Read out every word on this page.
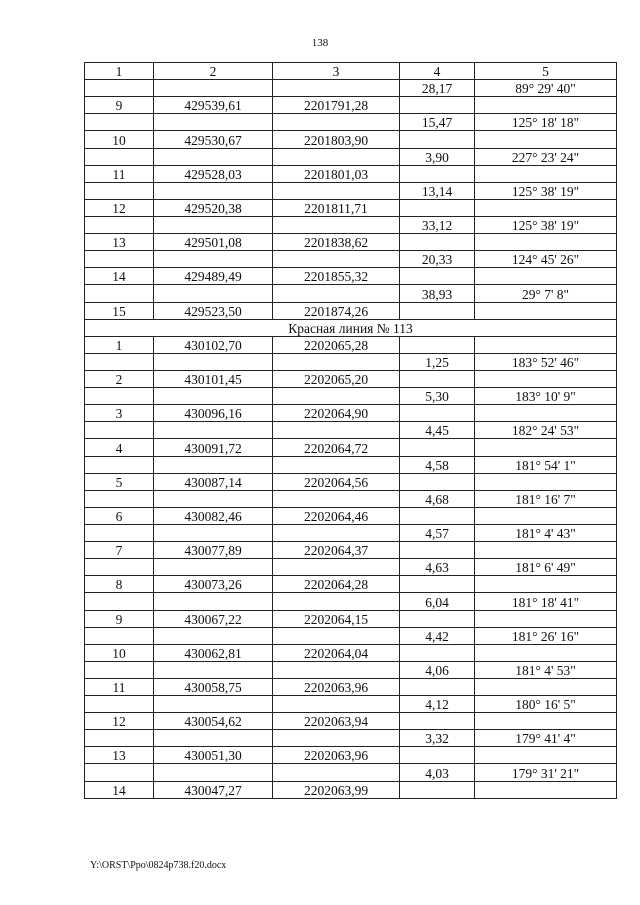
138
1	2	3	4	5
			28,17	89° 29' 40"
9	429539,61	2201791,28		
			15,47	125° 18' 18"
10	429530,67	2201803,90		
			3,90	227° 23' 24"
11	429528,03	2201801,03		
			13,14	125° 38' 19"
12	429520,38	2201811,71		
			33,12	125° 38' 19"
13	429501,08	2201838,62		
			20,33	124° 45' 26"
14	429489,49	2201855,32		
			38,93	29° 7' 8"
15	429523,50	2201874,26		
Красная линия № 113				
1	430102,70	2202065,28		
			1,25	183° 52' 46"
2	430101,45	2202065,20		
			5,30	183° 10' 9"
3	430096,16	2202064,90		
			4,45	182° 24' 53"
4	430091,72	2202064,72		
			4,58	181° 54' 1"
5	430087,14	2202064,56		
			4,68	181° 16' 7"
6	430082,46	2202064,46		
			4,57	181° 4' 43"
7	430077,89	2202064,37		
			4,63	181° 6' 49"
8	430073,26	2202064,28		
			6,04	181° 18' 41"
9	430067,22	2202064,15		
			4,42	181° 26' 16"
10	430062,81	2202064,04		
			4,06	181° 4' 53"
11	430058,75	2202063,96		
			4,12	180° 16' 5"
12	430054,62	2202063,94		
			3,32	179° 41' 4"
13	430051,30	2202063,96		
			4,03	179° 31' 21"
14	430047,27	2202063,99		
Y:\ORST\Ppo\0824p738.f20.docx
